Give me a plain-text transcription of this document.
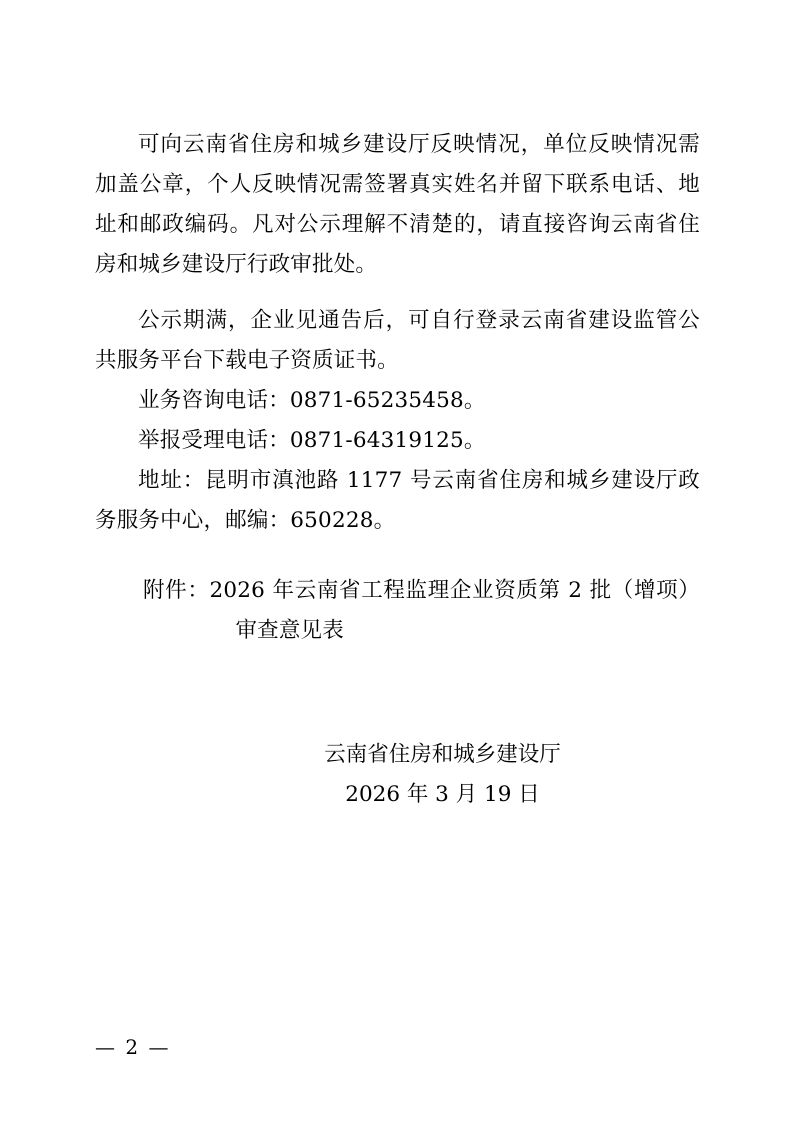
可向云南省住房和城乡建设厅反映情况，单位反映情况需加盖公章，个人反映情况需签署真实姓名并留下联系电话、地址和邮政编码。凡对公示理解不清楚的，请直接咨询云南省住房和城乡建设厅行政审批处。

公示期满，企业见通告后，可自行登录云南省建设监管公共服务平台下载电子资质证书。

业务咨询电话：0871-65235458。

举报受理电话：0871-64319125。

地址：昆明市滇池路 1177 号云南省住房和城乡建设厅政务服务中心，邮编：650228。

附件：2026 年云南省工程监理企业资质第 2 批（增项）审查意见表
云南省住房和城乡建设厅
2026 年 3 月 19 日
— 2 —
